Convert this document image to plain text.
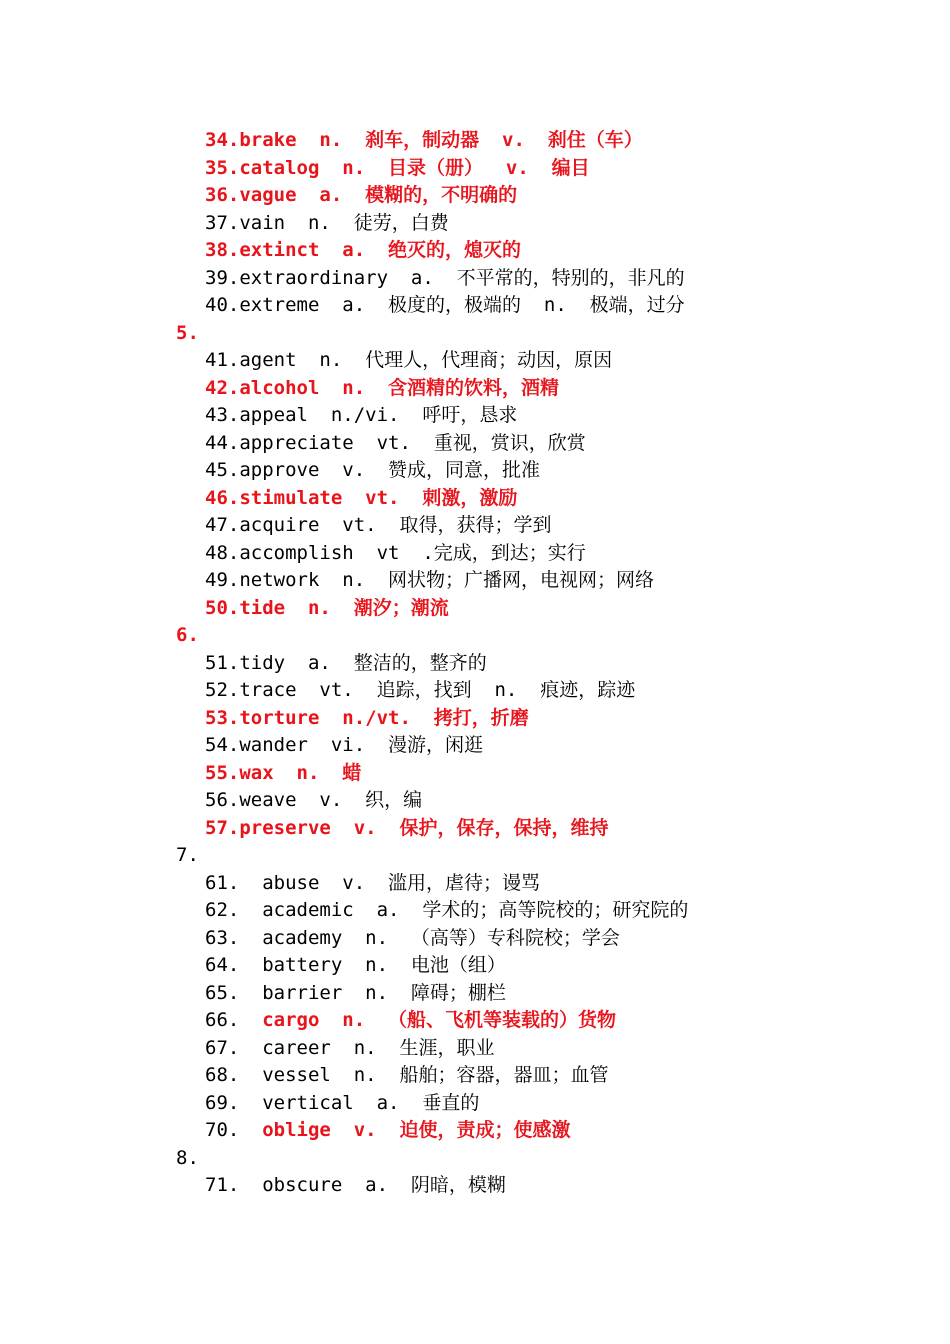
34.brake  n.  刹车，制动器  v.  刹住（车）
35.catalog  n.  目录（册）  v.  编目
36.vague  a.  模糊的，不明确的
37.vain  n.  徒劳，白费
38.extinct  a.  绝灭的，熄灭的
39.extraordinary  a.  不平常的，特别的，非凡的
40.extreme  a.  极度的，极端的  n.  极端，过分
5.
41.agent  n.  代理人，代理商；动因，原因
42.alcohol  n.  含酒精的饮料，酒精
43.appeal  n./vi.  呼吁，恳求
44.appreciate  vt.  重视，赏识，欣赏
45.approve  v.  赞成，同意，批准
46.stimulate  vt.  刺激，激励
47.acquire  vt.  取得，获得；学到
48.accomplish  vt  .完成，到达；实行
49.network  n.  网状物；广播网，电视网；网络
50.tide  n.  潮汐；潮流
6.
51.tidy  a.  整洁的，整齐的
52.trace  vt.  追踪，找到  n.  痕迹，踪迹
53.torture  n./vt.  拷打，折磨
54.wander  vi.  漫游，闲逛
55.wax  n.  蜡
56.weave  v.  织，编
57.preserve  v.  保护，保存，保持，维持
7.
61.  abuse  v.  滥用，虐待；谩骂
62.  academic  a.  学术的；高等院校的；研究院的
63.  academy  n.  （高等）专科院校；学会
64.  battery  n.  电池（组）
65.  barrier  n.  障碍；棚栏
66.  cargo  n.  （船、飞机等装载的）货物
67.  career  n.  生涯，职业
68.  vessel  n.  船舶；容器，器皿；血管
69.  vertical  a.  垂直的
70.  oblige  v.  迫使，责成；使感激
8.
71.  obscure  a.  阴暗，模糊
